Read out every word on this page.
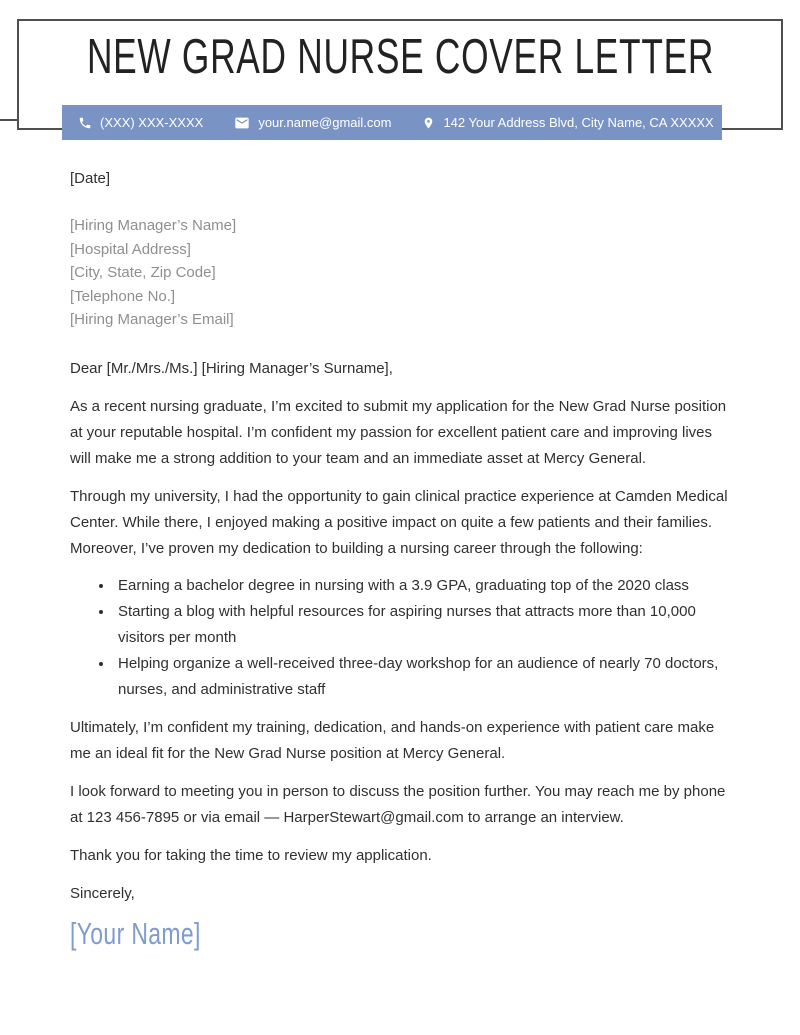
NEW GRAD NURSE COVER LETTER
(XXX) XXX-XXXX	your.name@gmail.com	142 Your Address Blvd, City Name, CA XXXXX

[Date]

[Hiring Manager’s Name]
[Hospital Address]
[City, State, Zip Code]
[Telephone No.]
[Hiring Manager’s Email]

Dear [Mr./Mrs./Ms.] [Hiring Manager’s Surname],

As a recent nursing graduate, I’m excited to submit my application for the New Grad Nurse position at your reputable hospital. I’m confident my passion for excellent patient care and improving lives will make me a strong addition to your team and an immediate asset at Mercy General.

Through my university, I had the opportunity to gain clinical practice experience at Camden Medical Center. While there, I enjoyed making a positive impact on quite a few patients and their families. Moreover, I’ve proven my dedication to building a nursing career through the following:

• Earning a bachelor degree in nursing with a 3.9 GPA, graduating top of the 2020 class
• Starting a blog with helpful resources for aspiring nurses that attracts more than 10,000 visitors per month
• Helping organize a well-received three-day workshop for an audience of nearly 70 doctors, nurses, and administrative staff

Ultimately, I’m confident my training, dedication, and hands-on experience with patient care make me an ideal fit for the New Grad Nurse position at Mercy General.

I look forward to meeting you in person to discuss the position further. You may reach me by phone at 123 456-7895 or via email — HarperStewart@gmail.com to arrange an interview.

Thank you for taking the time to review my application.

Sincerely,

[Your Name]
